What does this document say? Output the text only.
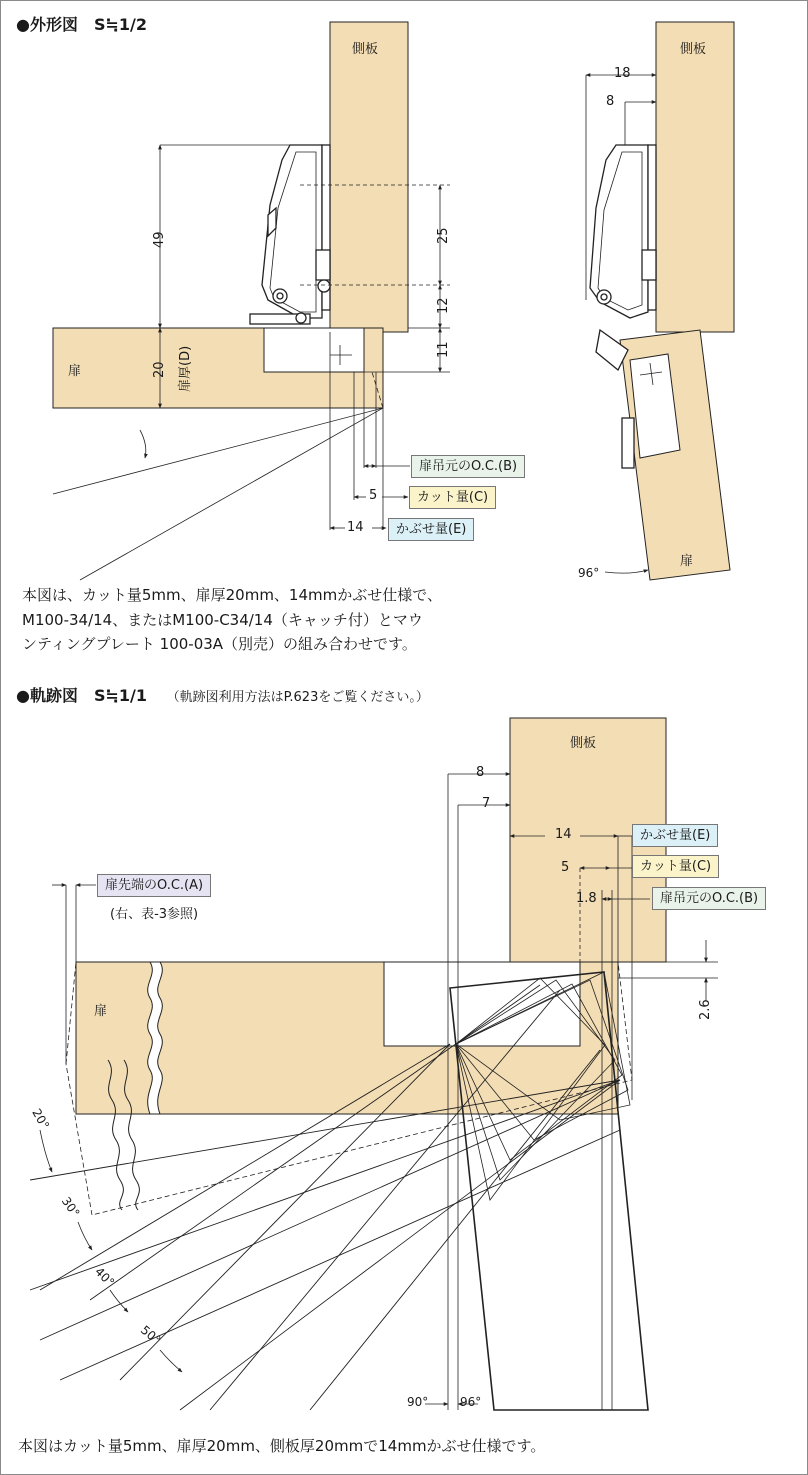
●外形図　S≒1/2
側板	側板
扉
扉
49
20 扉厚(D)
25
12
11
18
8
5
14
96°
扉吊元のO.C.(B)
カット量(C)
かぶせ量(E)
本図は、カット量5mm、扉厚20mm、14mmかぶせ仕様で、
M100-34/14、またはM100-C34/14（キャッチ付）とマウ
ンティングプレート 100-03A（別売）の組み合わせです。
●軌跡図　S≒1/1 （軌跡図利用方法はP.623をご覧ください。）
側板
扉
8
7
14
5
1.8
2.6
20°
30°
40°
50°
90°	96°
かぶせ量(E)
カット量(C)
扉吊元のO.C.(B)
扉先端のO.C.(A)
(右、表-3参照)
本図はカット量5mm、扉厚20mm、側板厚20mmで14mmかぶせ仕様です。
